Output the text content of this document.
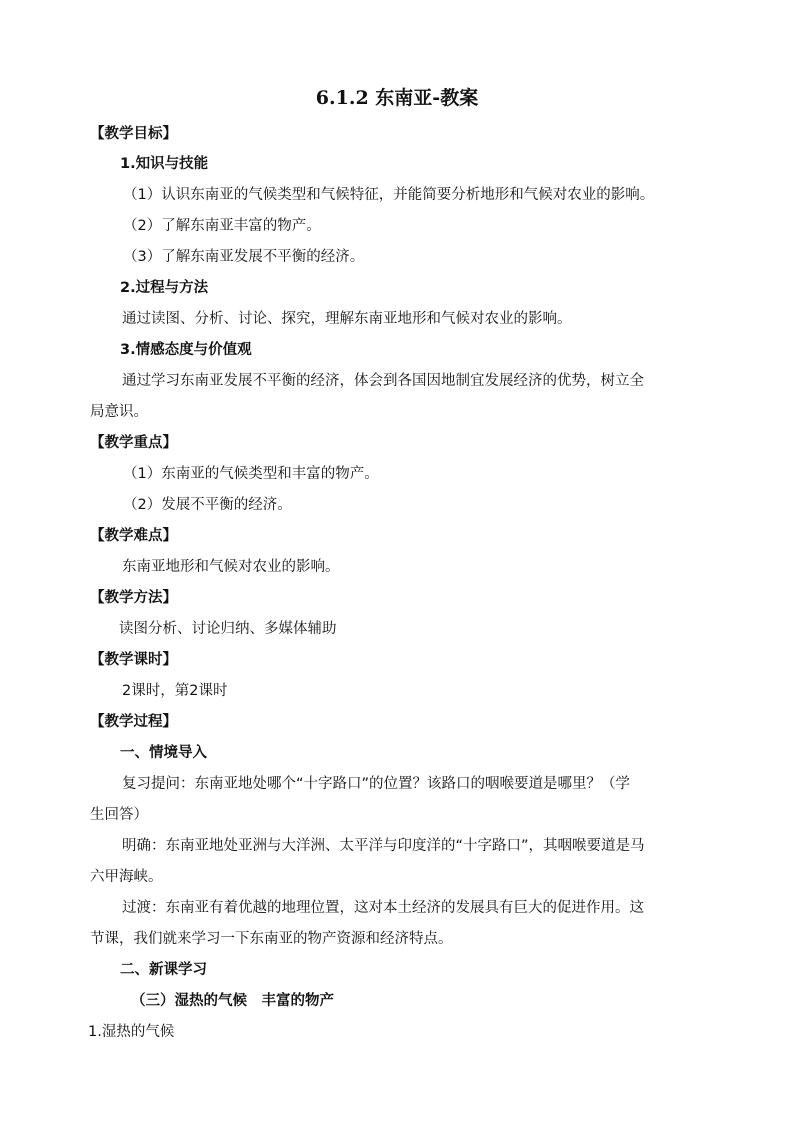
6.1.2 东南亚-教案
【教学目标】
1.知识与技能
（1）认识东南亚的气候类型和气候特征，并能简要分析地形和气候对农业的影响。
（2）了解东南亚丰富的物产。
（3）了解东南亚发展不平衡的经济。
2.过程与方法
通过读图、分析、讨论、探究，理解东南亚地形和气候对农业的影响。
3.情感态度与价值观
通过学习东南亚发展不平衡的经济，体会到各国因地制宜发展经济的优势，树立全
局意识。
【教学重点】
（1）东南亚的气候类型和丰富的物产。
（2）发展不平衡的经济。
【教学难点】
东南亚地形和气候对农业的影响。
【教学方法】
读图分析、讨论归纳、多媒体辅助
【教学课时】
2课时，第2课时
【教学过程】
一、情境导入
复习提问：东南亚地处哪个“十字路口”的位置？该路口的咽喉要道是哪里？（学
生回答）
明确：东南亚地处亚洲与大洋洲、太平洋与印度洋的“十字路口”，其咽喉要道是马
六甲海峡。
过渡：东南亚有着优越的地理位置，这对本土经济的发展具有巨大的促进作用。这
节课，我们就来学习一下东南亚的物产资源和经济特点。
二、新课学习
（三）湿热的气候　丰富的物产
1.湿热的气候
